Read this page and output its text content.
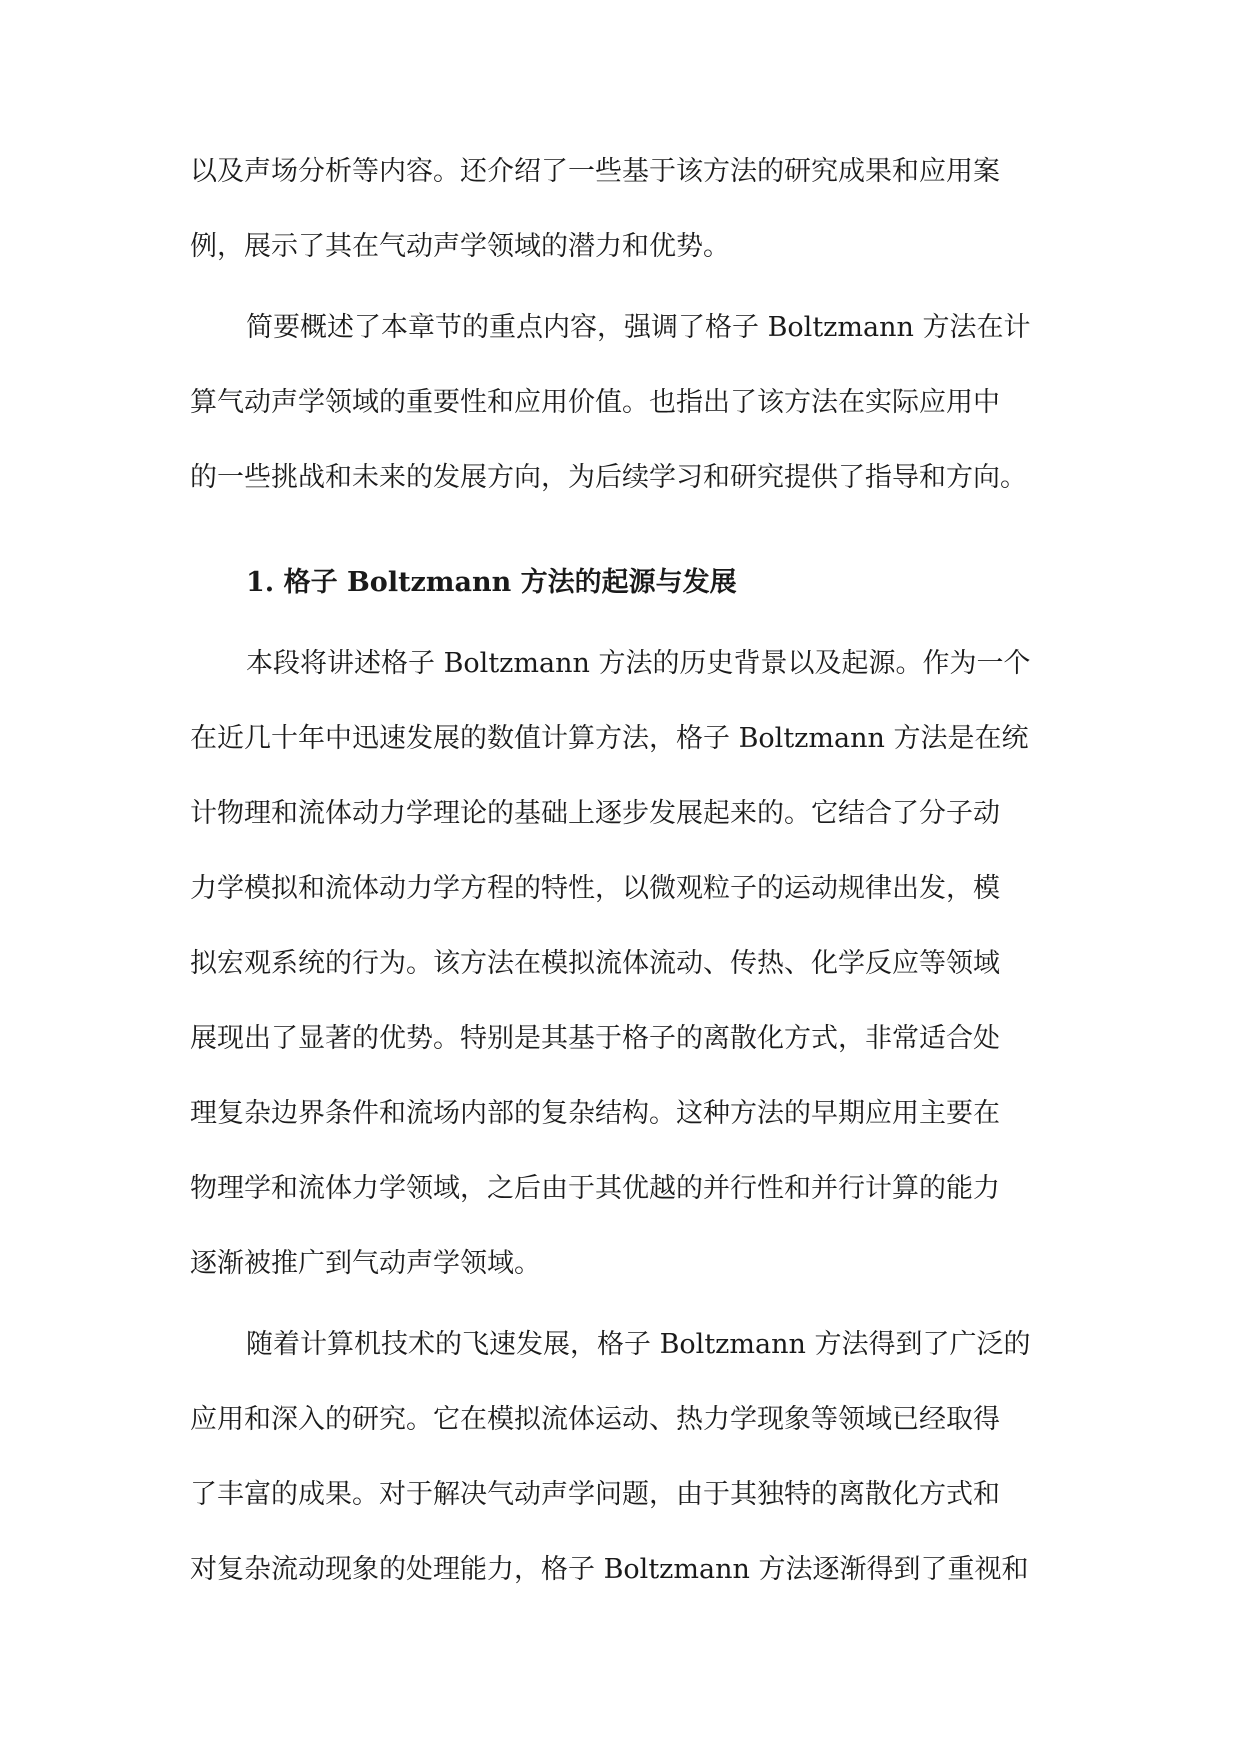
以及声场分析等内容。还介绍了一些基于该方法的研究成果和应用案
例，展示了其在气动声学领域的潜力和优势。
简要概述了本章节的重点内容，强调了格子 Boltzmann 方法在计
算气动声学领域的重要性和应用价值。也指出了该方法在实际应用中
的一些挑战和未来的发展方向，为后续学习和研究提供了指导和方向。
1. 格子 Boltzmann 方法的起源与发展
本段将讲述格子 Boltzmann 方法的历史背景以及起源。作为一个
在近几十年中迅速发展的数值计算方法，格子 Boltzmann 方法是在统
计物理和流体动力学理论的基础上逐步发展起来的。它结合了分子动
力学模拟和流体动力学方程的特性，以微观粒子的运动规律出发，模
拟宏观系统的行为。该方法在模拟流体流动、传热、化学反应等领域
展现出了显著的优势。特别是其基于格子的离散化方式，非常适合处
理复杂边界条件和流场内部的复杂结构。这种方法的早期应用主要在
物理学和流体力学领域，之后由于其优越的并行性和并行计算的能力
逐渐被推广到气动声学领域。
随着计算机技术的飞速发展，格子 Boltzmann 方法得到了广泛的
应用和深入的研究。它在模拟流体运动、热力学现象等领域已经取得
了丰富的成果。对于解决气动声学问题，由于其独特的离散化方式和
对复杂流动现象的处理能力，格子 Boltzmann 方法逐渐得到了重视和
